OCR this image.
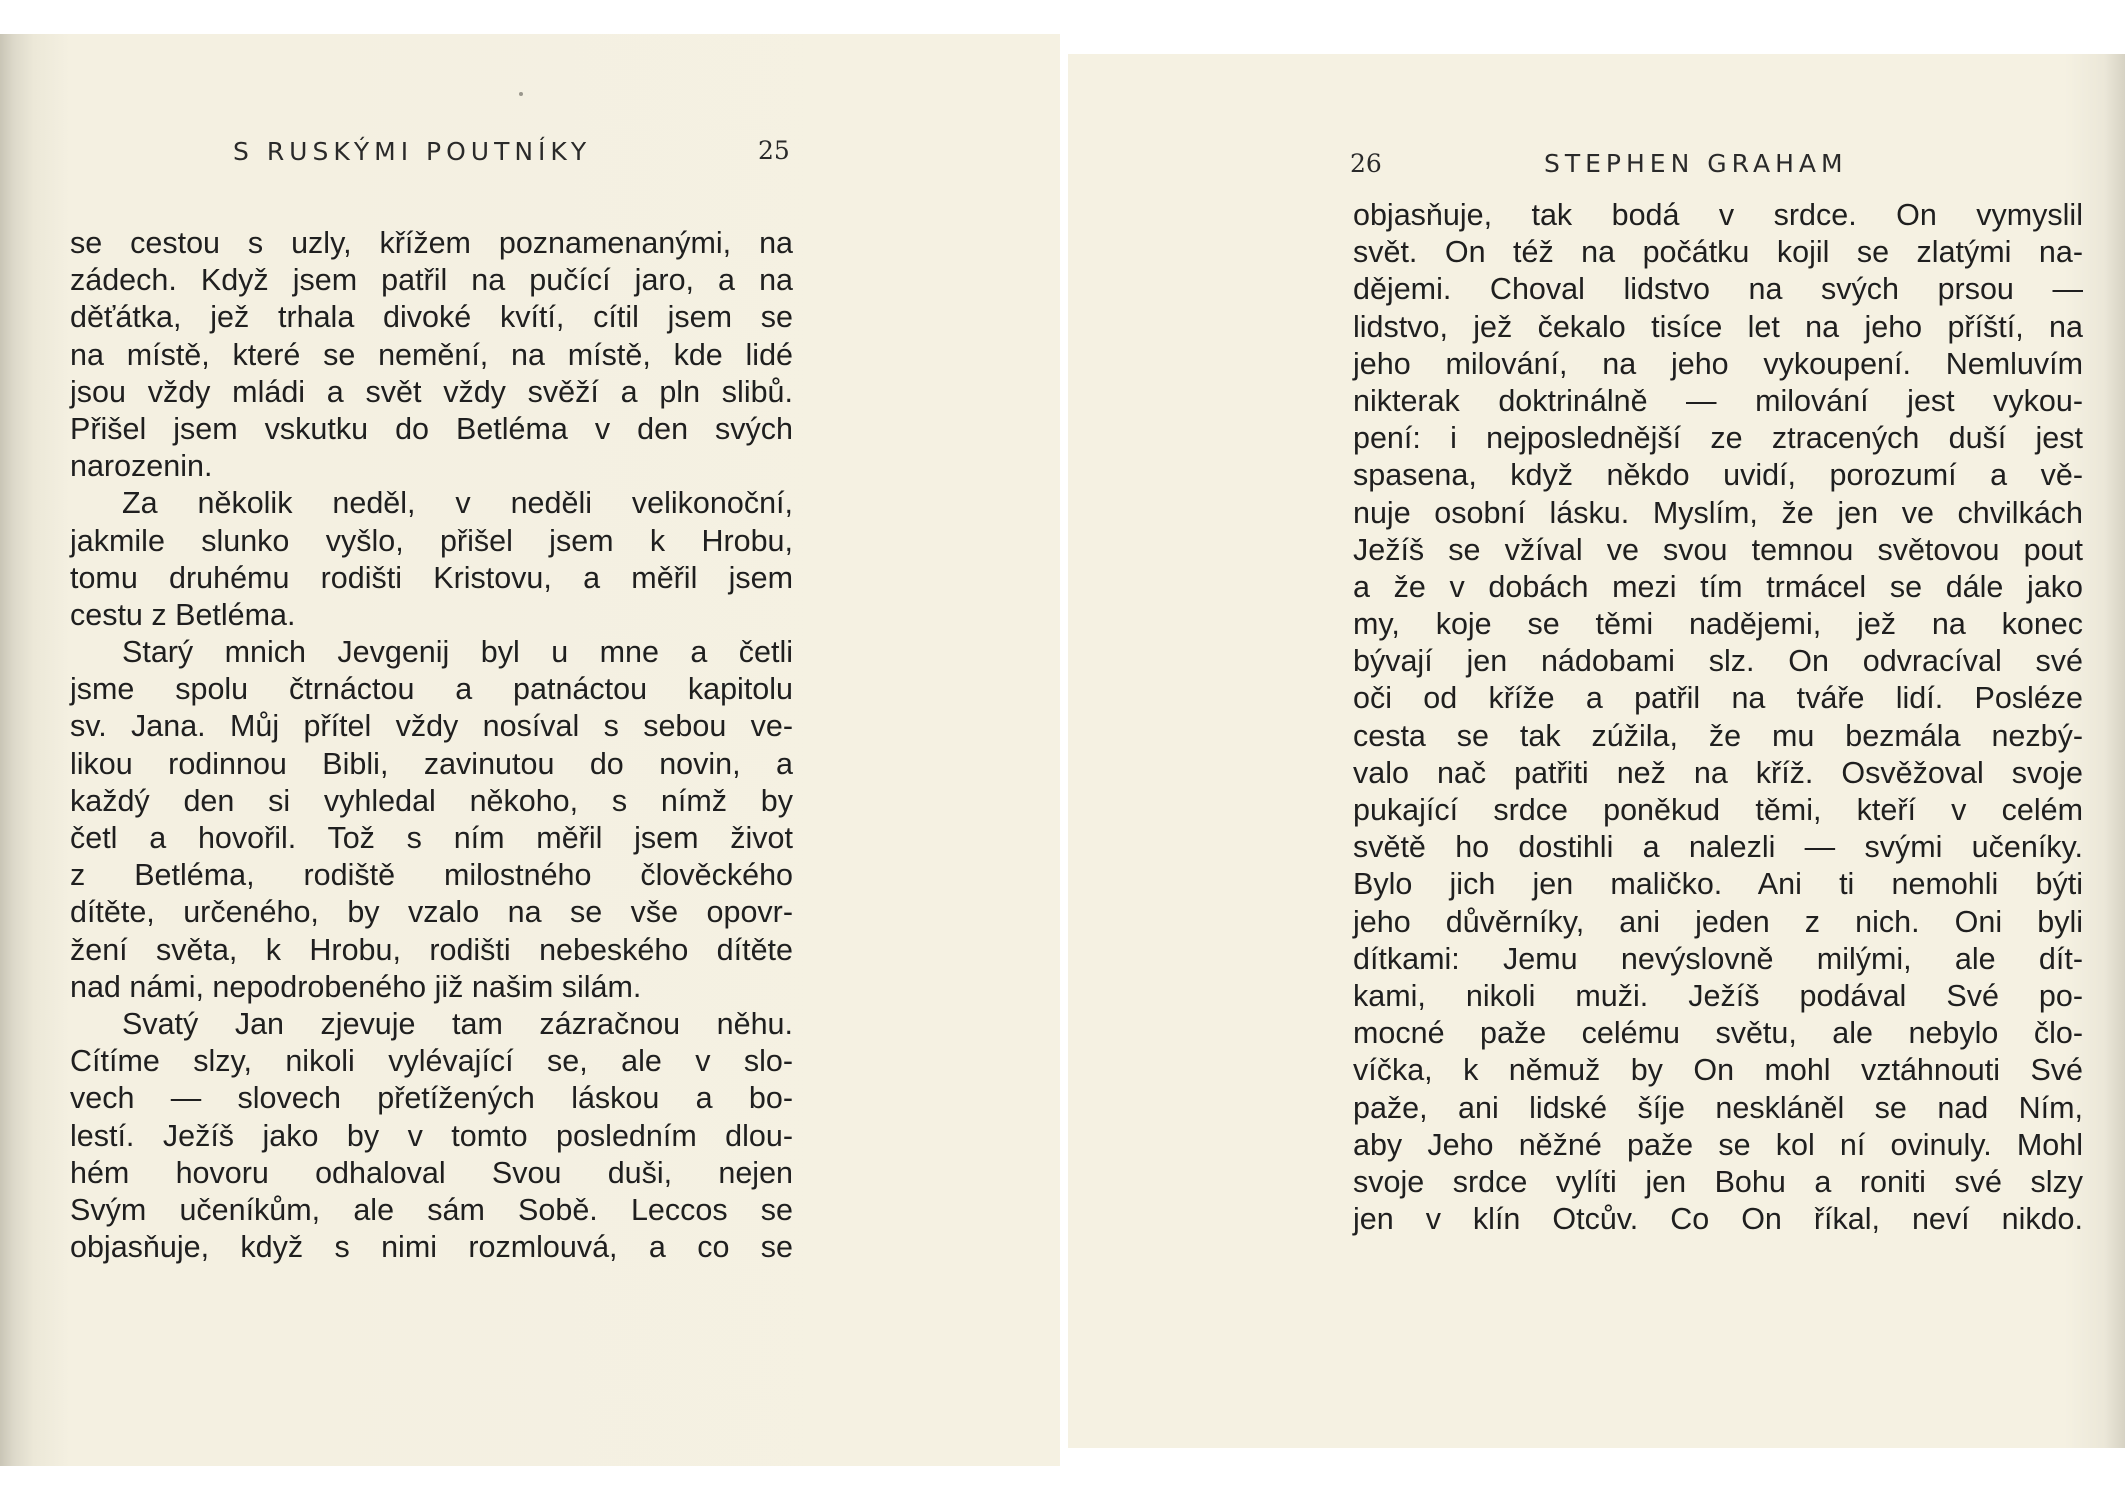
S RUSKÝMI POUTNÍKY	25
se cestou s uzly, křížem poznamenanými, na
zádech. Když jsem patřil na pučící jaro, a na
děťátka, jež trhala divoké kvítí, cítil jsem se
na místě, které se nemění, na místě, kde lidé
jsou vždy mládi a svět vždy svěží a pln slibů.
Přišel jsem vskutku do Betléma v den svých
narozenin.
Za několik neděl, v neděli velikonoční,
jakmile slunko vyšlo, přišel jsem k Hrobu,
tomu druhému rodišti Kristovu, a měřil jsem
cestu z Betléma.
Starý mnich Jevgenij byl u mne a četli
jsme spolu čtrnáctou a patnáctou kapitolu
sv. Jana. Můj přítel vždy nosíval s sebou ve-
likou rodinnou Bibli, zavinutou do novin, a
každý den si vyhledal někoho, s nímž by
četl a hovořil. Tož s ním měřil jsem život
z Betléma, rodiště milostného člověckého
dítěte, určeného, by vzalo na se vše opovr-
žení světa, k Hrobu, rodišti nebeského dítěte
nad námi, nepodrobeného již našim silám.
Svatý Jan zjevuje tam zázračnou něhu.
Cítíme slzy, nikoli vylévající se, ale v slo-
vech — slovech přetížených láskou a bo-
lestí. Ježíš jako by v tomto posledním dlou-
hém hovoru odhaloval Svou duši, nejen
Svým učeníkům, ale sám Sobě. Leccos se
objasňuje, když s nimi rozmlouvá, a co se
26	STEPHEN GRAHAM
objasňuje, tak bodá v srdce. On vymyslil
svět. On též na počátku kojil se zlatými na-
dějemi. Choval lidstvo na svých prsou —
lidstvo, jež čekalo tisíce let na jeho příští, na
jeho milování, na jeho vykoupení. Nemluvím
nikterak doktrinálně — milování jest vykou-
pení: i nejposlednější ze ztracených duší jest
spasena, když někdo uvidí, porozumí a vě-
nuje osobní lásku. Myslím, že jen ve chvilkách
Ježíš se vžíval ve svou temnou světovou pout
a že v dobách mezi tím trmácel se dále jako
my, koje se těmi nadějemi, jež na konec
bývají jen nádobami slz. On odvracíval své
oči od kříže a patřil na tváře lidí. Posléze
cesta se tak zúžila, že mu bezmála nezbý-
valo nač patřiti než na kříž. Osvěžoval svoje
pukající srdce poněkud těmi, kteří v celém
světě ho dostihli a nalezli — svými učeníky.
Bylo jich jen maličko. Ani ti nemohli býti
jeho důvěrníky, ani jeden z nich. Oni byli
dítkami: Jemu nevýslovně milými, ale dít-
kami, nikoli muži. Ježíš podával Své po-
mocné paže celému světu, ale nebylo člo-
víčka, k němuž by On mohl vztáhnouti Své
paže, ani lidské šíje neskláněl se nad Ním,
aby Jeho něžné paže se kol ní ovinuly. Mohl
svoje srdce vylíti jen Bohu a roniti své slzy
jen v klín Otcův. Co On říkal, neví nikdo.
